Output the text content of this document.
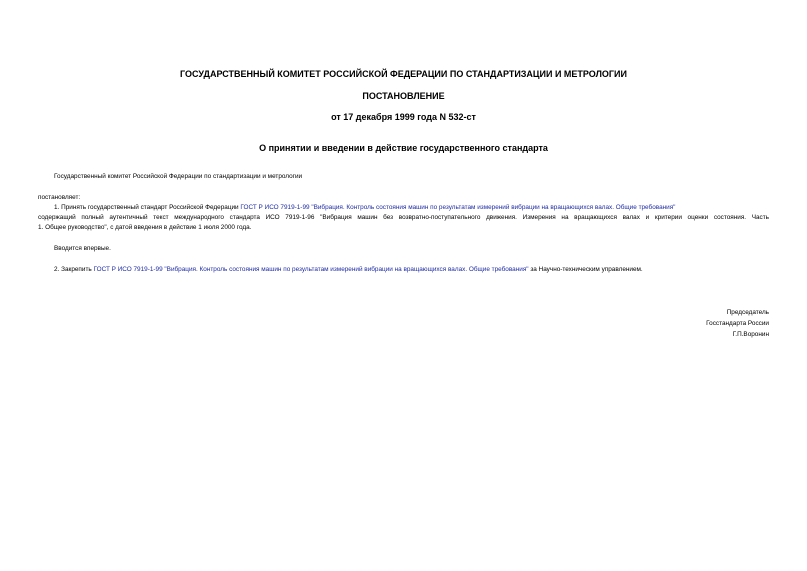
ГОСУДАРСТВЕННЫЙ КОМИТЕТ РОССИЙСКОЙ ФЕДЕРАЦИИ ПО СТАНДАРТИЗАЦИИ И МЕТРОЛОГИИ
ПОСТАНОВЛЕНИЕ
от 17 декабря 1999 года N 532-ст
О принятии и введении в действие государственного стандарта
Государственный комитет Российской Федерации по стандартизации и метрологии
постановляет:
1. Принять государственный стандарт Российской Федерации ГОСТ Р ИСО 7919-1-99 "Вибрация. Контроль состояния машин по результатам измерений вибрации на вращающихся валах. Общие требования"
содержащий полный аутентичный текст международного стандарта ИСО 7919-1-96 "Вибрация машин без возвратно-поступательного движения. Измерения на вращающихся валах и критерии оценки состояния. Часть
1. Общее руководство", с датой введения в действие 1 июля 2000 года.
Вводится впервые.
2. Закрепить ГОСТ Р ИСО 7919-1-99 "Вибрация. Контроль состояния машин по результатам измерений вибрации на вращающихся валах. Общие требования" за Научно-техническим управлением.
Председатель
Госстандарта России
Г.П.Воронин
